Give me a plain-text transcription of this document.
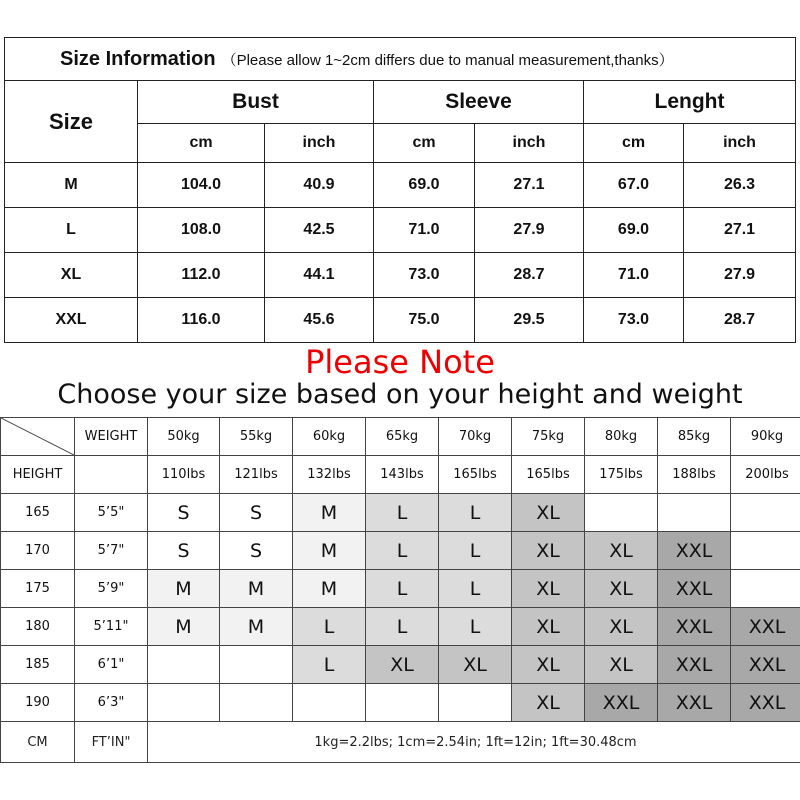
Size Information （Please allow 1~2cm differs due to manual measurement,thanks）						
Size	Bust		Sleeve		Lenght	
	cm	inch	cm	inch	cm	inch
M	104.0	40.9	69.0	27.1	67.0	26.3
L	108.0	42.5	71.0	27.9	69.0	27.1
XL	112.0	44.1	73.0	28.7	71.0	27.9
XXL	116.0	45.6	75.0	29.5	73.0	28.7
Please Note
Choose your size based on your height and weight
	WEIGHT	50kg	55kg	60kg	65kg	70kg	75kg	80kg	85kg	90kg
HEIGHT		110lbs	121lbs	132lbs	143lbs	165lbs	165lbs	175lbs	188lbs	200lbs
165	5’5"	S	S	M	L	L	XL			
170	5’7"	S	S	M	L	L	XL	XL	XXL	
175	5’9"	M	M	M	L	L	XL	XL	XXL	
180	5’11"	M	M	L	L	L	XL	XL	XXL	XXL
185	6’1"			L	XL	XL	XL	XL	XXL	XXL
190	6’3"						XL	XXL	XXL	XXL
CM	FT’IN"	1kg=2.2lbs; 1cm=2.54in; 1ft=12in; 1ft=30.48cm								
